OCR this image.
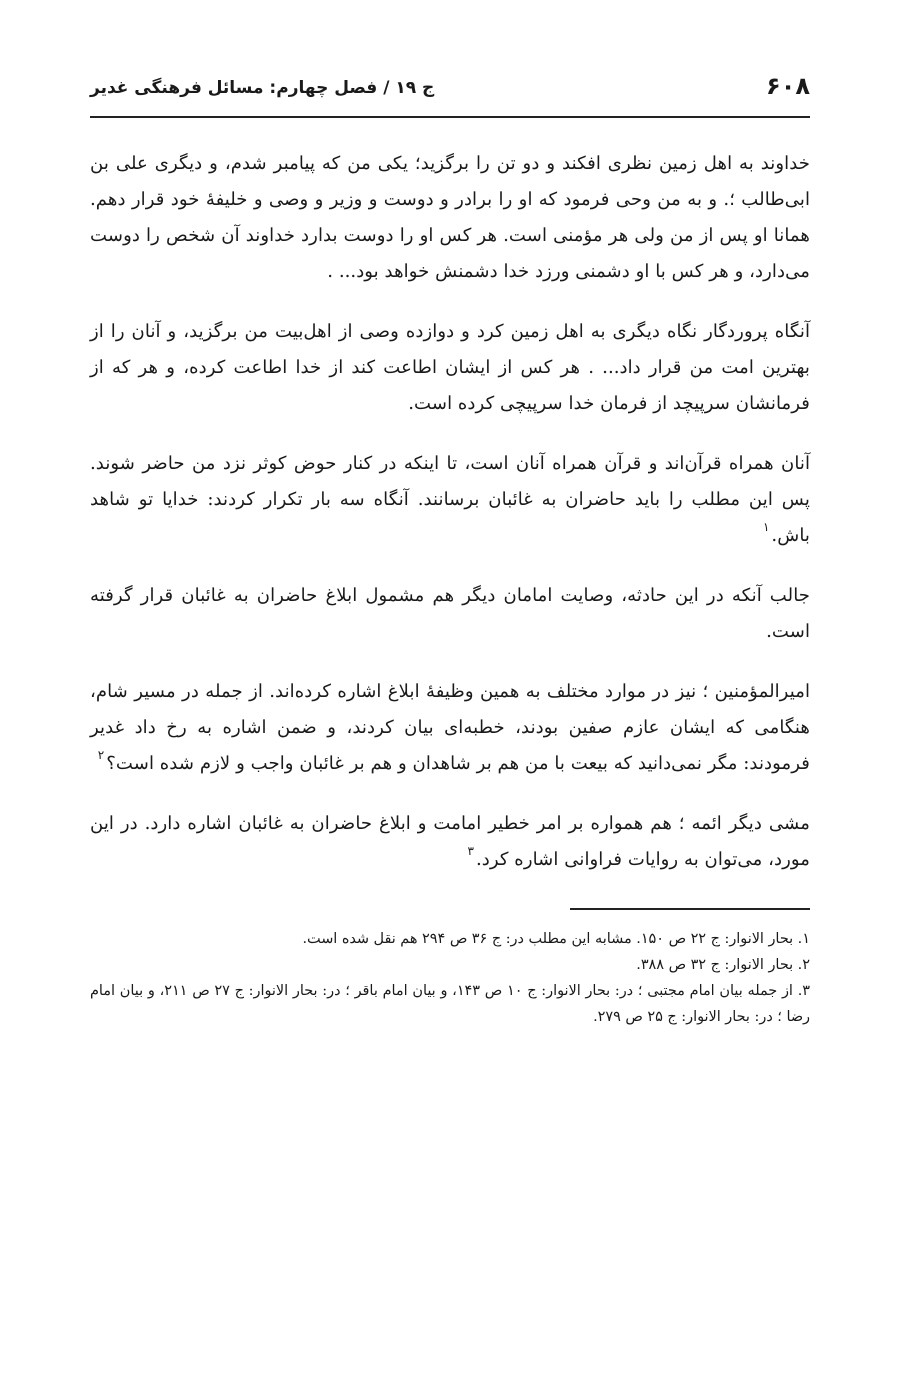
۶۰۸
ج ۱۹ / فصل چهارم: مسائل فرهنگی غدیر

خداوند به اهل زمین نظری افکند و دو تن را برگزید؛ یکی من که پیامبر شدم، و دیگری علی بن ابی‌طالب ؛. و به من وحی فرمود که او را برادر و دوست و وزیر و وصی و خلیفهٔ خود قرار دهم. همانا او پس از من ولی هر مؤمنی است. هر کس او را دوست بدارد خداوند آن شخص را دوست می‌دارد، و هر کس با او دشمنی ورزد خدا دشمنش خواهد بود... .

آنگاه پروردگار نگاه دیگری به اهل زمین کرد و دوازده وصی از اهل‌بیت من برگزید، و آنان را از بهترین امت من قرار داد... . هر کس از ایشان اطاعت کند از خدا اطاعت کرده، و هر که از فرمانشان سرپیچد از فرمان خدا سرپیچی کرده است.

آنان همراه قرآن‌اند و قرآن همراه آنان است، تا اینکه در کنار حوض کوثر نزد من حاضر شوند. پس این مطلب را باید حاضران به غائبان برسانند. آنگاه سه بار تکرار کردند: خدایا تو شاهد باش.$^۱$

جالب آنکه در این حادثه، وصایت امامان دیگر هم مشمول ابلاغ حاضران به غائبان قرار گرفته است.

امیرالمؤمنین ؛ نیز در موارد مختلف به همین وظیفهٔ ابلاغ اشاره کرده‌اند. از جمله در مسیر شام، هنگامی که ایشان عازم صفین بودند، خطبه‌ای بیان کردند، و ضمن اشاره به رخ داد غدیر فرمودند: مگر نمی‌دانید که بیعت با من هم بر شاهدان و هم بر غائبان واجب و لازم شده است؟$^۲$

مشی دیگر ائمه ؛ هم همواره بر امر خطیر امامت و ابلاغ حاضران به غائبان اشاره دارد. در این مورد، می‌توان به روایات فراوانی اشاره کرد.$^۳$

۱. بحار الانوار: ج ۲۲ ص ۱۵۰. مشابه این مطلب در: ج ۳۶ ص ۲۹۴ هم نقل شده است.

۲. بحار الانوار: ج ۳۲ ص ۳۸۸.

۳. از جمله بیان امام مجتبی ؛ در: بحار الانوار: ج ۱۰ ص ۱۴۳، و بیان امام باقر ؛ در: بحار الانوار: ج ۲۷ ص ۲۱۱، و بیان امام رضا ؛ در: بحار الانوار: ج ۲۵ ص ۲۷۹.
